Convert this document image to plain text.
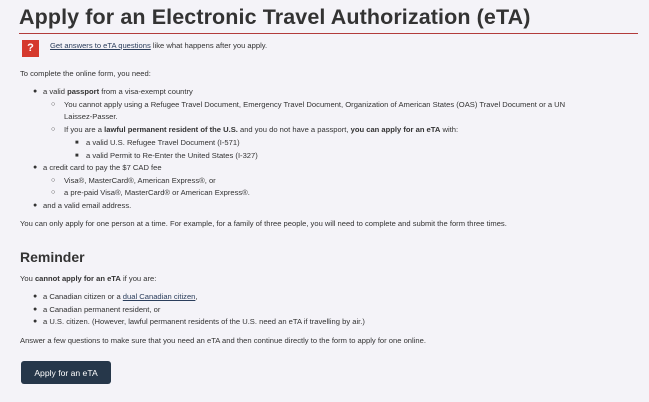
Apply for an Electronic Travel Authorization (eTA)
?	Get answers to eTA questions like what happens after you apply.
To complete the online form, you need:
● a valid passport from a visa-exempt country
○ You cannot apply using a Refugee Travel Document, Emergency Travel Document, Organization of American States (OAS) Travel Document or a UN
Laissez-Passer.
○ If you are a lawful permanent resident of the U.S. and you do not have a passport, you can apply for an eTA with:
■ a valid U.S. Refugee Travel Document (I-571)
■ a valid Permit to Re-Enter the United States (I-327)
● a credit card to pay the $7 CAD fee
○ Visa®, MasterCard®, American Express®, or
○ a pre-paid Visa®, MasterCard® or American Express®.
● and a valid email address.
You can only apply for one person at a time. For example, for a family of three people, you will need to complete and submit the form three times.
Reminder
You cannot apply for an eTA if you are:
● a Canadian citizen or a dual Canadian citizen,
● a Canadian permanent resident, or
● a U.S. citizen. (However, lawful permanent residents of the U.S. need an eTA if travelling by air.)
Answer a few questions to make sure that you need an eTA and then continue directly to the form to apply for one online.
Apply for an eTA
